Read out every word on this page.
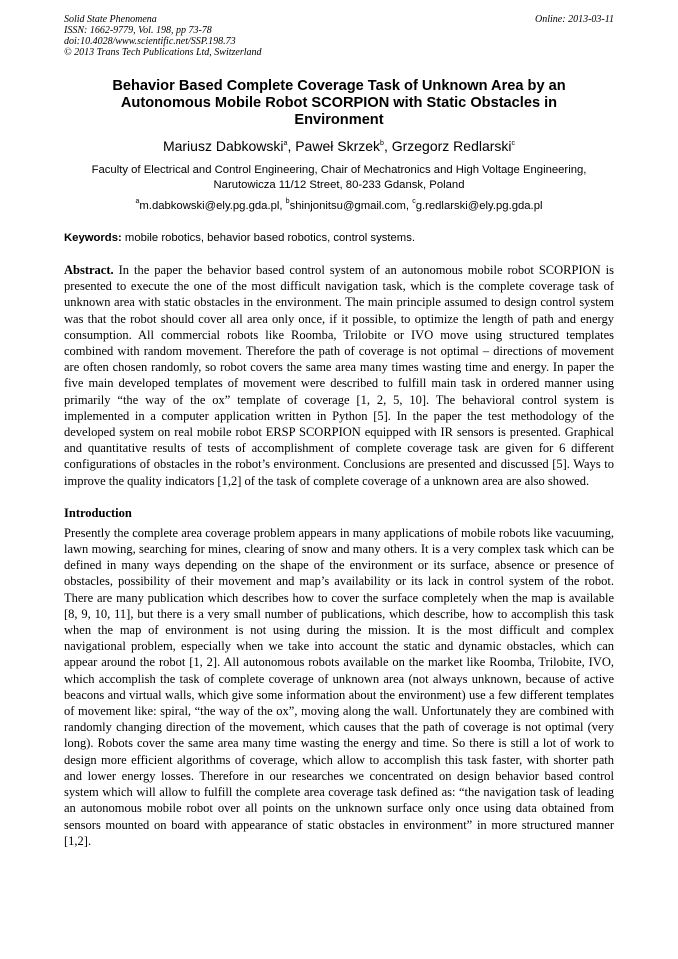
Solid State Phenomena
ISSN: 1662-9779, Vol. 198, pp 73-78
doi:10.4028/www.scientific.net/SSP.198.73
© 2013 Trans Tech Publications Ltd, Switzerland
Online: 2013-03-11
Behavior Based Complete Coverage Task of Unknown Area by an Autonomous Mobile Robot SCORPION with Static Obstacles in Environment
Mariusz Dabkowski$^a$, Paweł Skrzek$^b$, Grzegorz Redlarski$^c$
Faculty of Electrical and Control Engineering, Chair of Mechatronics and High Voltage Engineering, Narutowicza 11/12 Street, 80-233 Gdansk, Poland
$^a$m.dabkowski@ely.pg.gda.pl, $^b$shinjonitsu@gmail.com, $^c$g.redlarski@ely.pg.gda.pl
Keywords: mobile robotics, behavior based robotics, control systems.
Abstract. In the paper the behavior based control system of an autonomous mobile robot SCORPION is presented to execute the one of the most difficult navigation task, which is the complete coverage task of unknown area with static obstacles in the environment. The main principle assumed to design control system was that the robot should cover all area only once, if it possible, to optimize the length of path and energy consumption. All commercial robots like Roomba, Trilobite or IVO move using structured templates combined with random movement. Therefore the path of coverage is not optimal – directions of movement are often chosen randomly, so robot covers the same area many times wasting time and energy. In paper the five main developed templates of movement were described to fulfill main task in ordered manner using primarily “the way of the ox” template of coverage [1, 2, 5, 10]. The behavioral control system is implemented in a computer application written in Python [5]. In the paper the test methodology of the developed system on real mobile robot ERSP SCORPION equipped with IR sensors is presented. Graphical and quantitative results of tests of accomplishment of complete coverage task are given for 6 different configurations of obstacles in the robot’s environment. Conclusions are presented and discussed [5]. Ways to improve the quality indicators [1,2] of the task of complete coverage of a unknown area are also showed.
Introduction
Presently the complete area coverage problem appears in many applications of mobile robots like vacuuming, lawn mowing, searching for mines, clearing of snow and many others. It is a very complex task which can be defined in many ways depending on the shape of the environment or its surface, absence or presence of obstacles, possibility of their movement and map’s availability or its lack in control system of the robot. There are many publication which describes how to cover the surface completely when the map is available [8, 9, 10, 11], but there is a very small number of publications, which describe, how to accomplish this task when the map of environment is not using during the mission. It is the most difficult and complex navigational problem, especially when we take into account the static and dynamic obstacles, which can appear around the robot [1, 2]. All autonomous robots available on the market like Roomba, Trilobite, IVO, which accomplish the task of complete coverage of unknown area (not always unknown, because of active beacons and virtual walls, which give some information about the environment) use a few different templates of movement like: spiral, “the way of the ox”, moving along the wall. Unfortunately they are combined with randomly changing direction of the movement, which causes that the path of coverage is not optimal (very long). Robots cover the same area many time wasting the energy and time. So there is still a lot of work to design more efficient algorithms of coverage, which allow to accomplish this task faster, with shorter path and lower energy losses. Therefore in our researches we concentrated on design behavior based control system which will allow to fulfill the complete area coverage task defined as: “the navigation task of leading an autonomous mobile robot over all points on the unknown surface only once using data obtained from sensors mounted on board with appearance of static obstacles in environment” in more structured manner [1,2].
